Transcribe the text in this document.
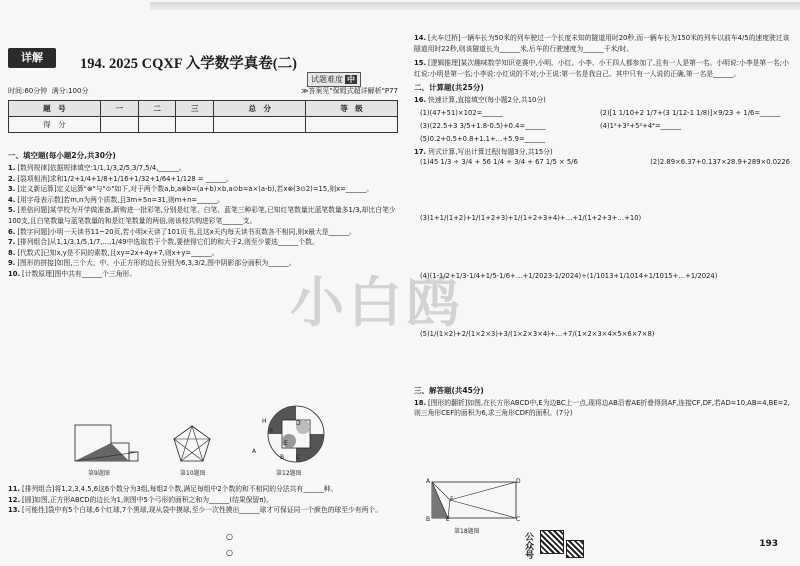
详解	194. 2025 CQXF 入学数学真卷(二)
试题难度 中
时间:60分钟 满分:100分	≫答案见"保姆式超详解析"P77
题　号	一	二	三	总　分	等　级
得　分					
一、填空题(每小题2分,共30分)

1. [数列规律]依据规律填空:1/1,1/3,2/5,3/7,5/4,______。

2. [裂项相消]求和1/2+1/4+1/8+1/16+1/32+1/64+1/128 = ______。

3. [定义新运算]定义运算"⊗"与"⊙"如下,对于两个数a,b,a⊗b=(a+b)×b,a⊙b=a×(a-b),若x⊗(3⊙2)=15,则x=______。

4. [用字母表示数]若m,n为两个质数,且3m+5n=31,则m+n=______。

5. [差倍问题]某学校为开学做准备,新购进一批彩笔,分别是红笔、白笔、蓝笔三种彩笔,已知红笔数量比蓝笔数量多1/3,却比白笔少100支,且白笔数量与蓝笔数量的和是红笔数量的两倍,则该校共购进彩笔______支。

6. [数字问题]小明一天读书11~20页,若小明x天读了101页书,且这x天内每天读书页数各不相同,则x最大是______。

7. [排列组合]从1,1/3,1/5,1/7,…,1/49中选取若干个数,要使得它们的和大于2,则至少要选______个数。

8. [代数式]已知x,y是不同的素数,且xy=2x+4y+7,则x+y=______。

9. [图形的拼接]如图,三个大、中、小正方形的边长分别为6,3,3/2,图中阴影部分面积为______。

10. [计数原理]图中共有______个三角形。

第9题图	第10题图
A
B C
D
E
F
H
第12题图

11. [排列组合]将1,2,3,4,5,6这6个数分为3组,每组2个数,满足每组中2个数的和不相同的分法共有______种。

12. [圆]如图,正方形ABCD的边长为1,则图中5个弓形的面积之和为______(结果保留π)。

13. [可能性]袋中有5个白球,6个红球,7个黑球,现从袋中摸球,至少一次性摸出______球才可保证同一个颜色的球至少有两个。

14. [火车过桥]一辆车长为50米的列车驶过一个长度未知的隧道用时20秒,而一辆车长为150米的列车以前车4/5的速度驶过该隧道用时22秒,则该隧道长为______米,后车的行驶速度为______千米/时。

15. [逻辑推理]某次趣味数学知识竞赛中,小明、小红、小李、小王四人都参加了,且有一人是第一名。小明说:小李是第一名;小红说:小明是第一名;小李说:小红说的不对;小王说:第一名是我自己。其中只有一人说的正确,第一名是______。

二、计算题(共25分)

16. 快速计算,直接填空(每小题2分,共10分)

(1)(47+51)×102=______	(2)[1 1/10+2 1/7+(3 1/12-1 1/8)]×9/23 ÷ 1/6=______
(3)(22.5+3 3/5+1.8-0.5)+0.4=______	(4)1²+3²+5²+4⁴=______
(5)0.2+0.5+0.8+1.1+…+5.9=______

17. 列式计算,写出计算过程(每题3分,共15分)

(1)45 1/3 ÷ 3/4 + 56 1/4 ÷ 3/4 + 67 1/5 × 5/6	(2)2.89×6.37+0.137×28.9+289×0.0226
(3)1+1/(1+2)+1/(1+2+3)+1/(1+2+3+4)+…+1/(1+2+3+…+10)
(4)(1-1/2+1/3-1/4+1/5-1/6+…+1/2023-1/2024)÷(1/1013+1/1014+1/1015+…+1/2024)
(5)1/(1×2)+2/(1×2×3)+3/(1×2×3×4)+…+7/(1×2×3×4×5×6×7×8)
三、解答题(共45分)

18. [图形的翻折]如图,在长方形ABCD中,E为边BC上一点,现将边AB沿着AE折叠得到AF,连接CF,DF,若AD=10,AB=4,BE=2,则三角形CEF的面积为6,求三角形CDF的面积。(7分)

A	D
F
B	E	C
第18题图
小白鸥
○
○	公众号	193
